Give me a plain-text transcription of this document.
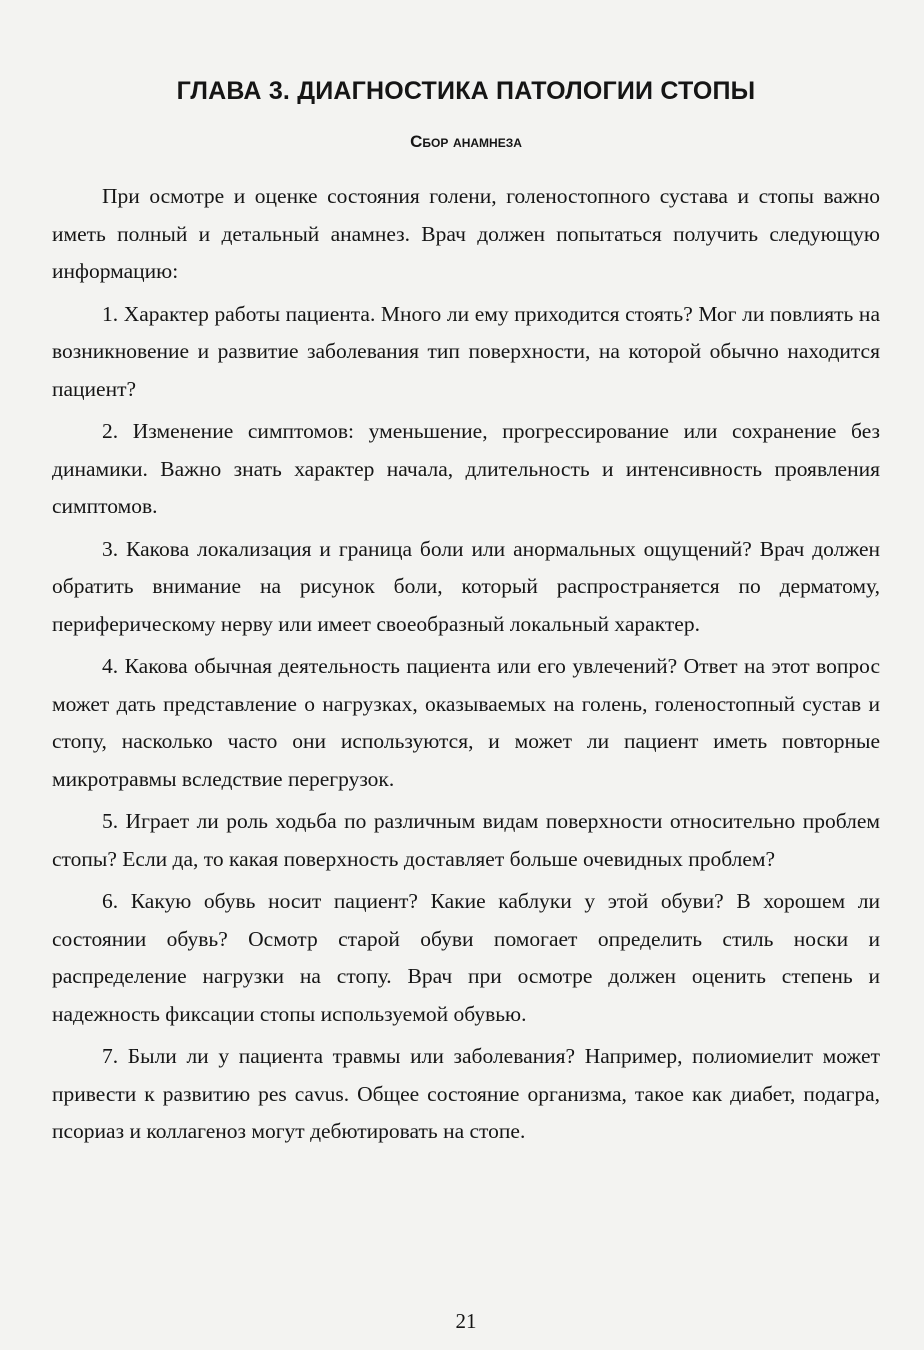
ГЛАВА 3. ДИАГНОСТИКА ПАТОЛОГИИ СТОПЫ
Сбор анамнеза

При осмотре и оценке состояния голени, голеностопного сустава и стопы важно иметь полный и детальный анамнез. Врач должен попытаться получить следующую информацию:

1. Характер работы пациента. Много ли ему приходится стоять? Мог ли повлиять на возникновение и развитие заболевания тип поверхности, на которой обычно находится пациент?

2. Изменение симптомов: уменьшение, прогрессирование или сохранение без динамики. Важно знать характер начала, длительность и интенсивность проявления симптомов.

3. Какова локализация и граница боли или анормальных ощущений? Врач должен обратить внимание на рисунок боли, который распространяется по дерматому, периферическому нерву или имеет своеобразный локальный характер.

4. Какова обычная деятельность пациента или его увлечений? Ответ на этот вопрос может дать представление о нагрузках, оказываемых на голень, голеностопный сустав и стопу, насколько часто они используются, и может ли пациент иметь повторные микротравмы вследствие перегрузок.

5. Играет ли роль ходьба по различным видам поверхности относительно проблем стопы? Если да, то какая поверхность доставляет больше очевидных проблем?

6. Какую обувь носит пациент? Какие каблуки у этой обуви? В хорошем ли состоянии обувь? Осмотр старой обуви помогает определить стиль носки и распределение нагрузки на стопу. Врач при осмотре должен оценить степень и надежность фиксации стопы используемой обувью.

7. Были ли у пациента травмы или заболевания? Например, полиомиелит может привести к развитию pes cavus. Общее состояние организма, такое как диабет, подагра, псориаз и коллагеноз могут дебютировать на стопе.

21
